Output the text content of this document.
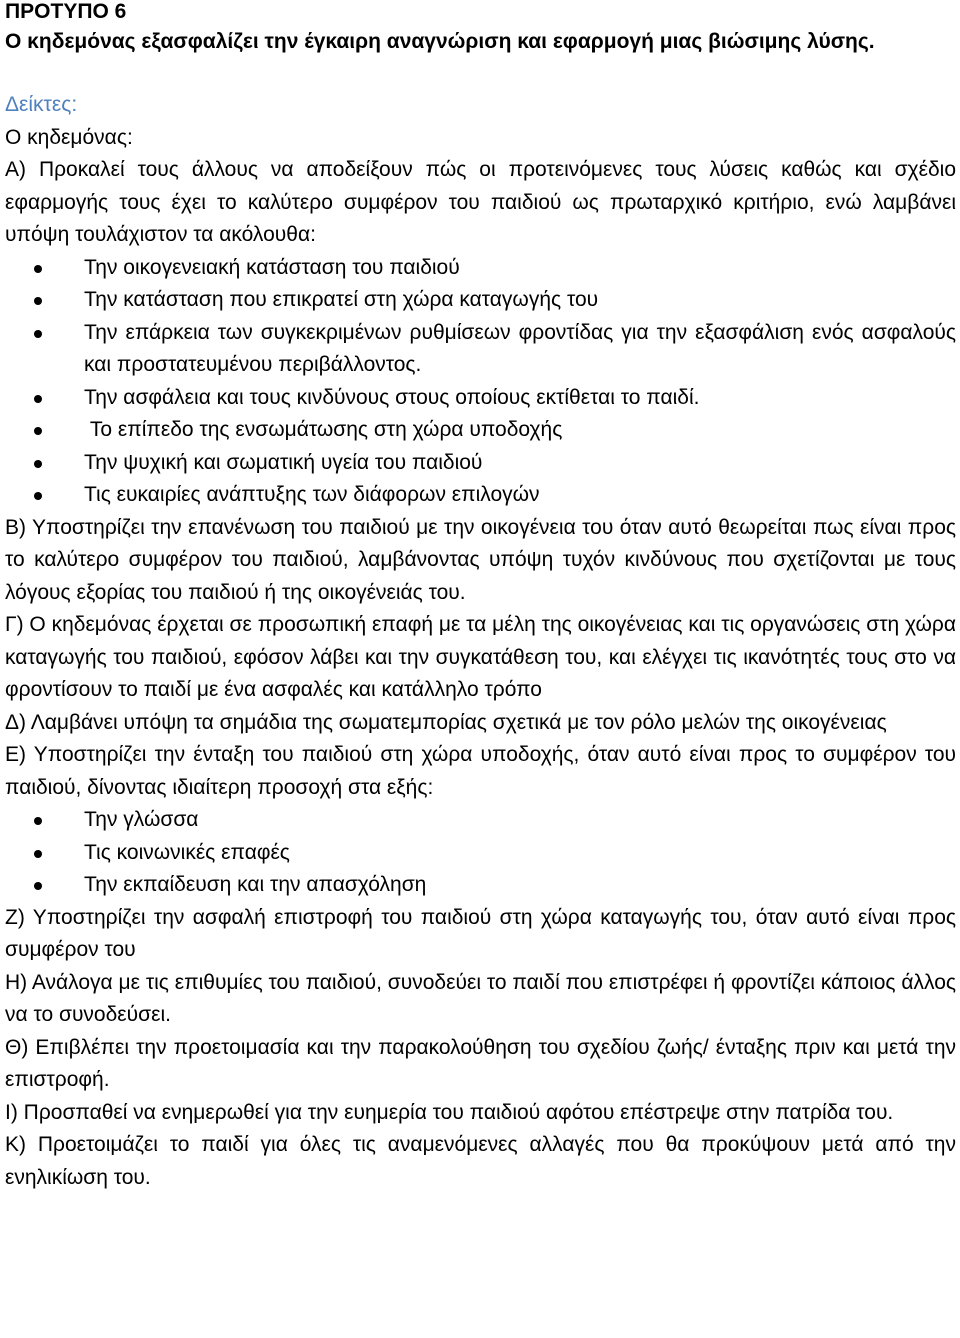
ΠΡΟΤΥΠΟ 6
Ο κηδεμόνας εξασφαλίζει την έγκαιρη αναγνώριση και εφαρμογή μιας βιώσιμης λύσης.
Δείκτες:
Ο κηδεμόνας:
Α) Προκαλεί τους άλλους να αποδείξουν πώς οι προτεινόμενες τους λύσεις καθώς και σχέδιο εφαρμογής τους έχει το καλύτερο συμφέρον του παιδιού ως πρωταρχικό κριτήριο, ενώ λαμβάνει υπόψη τουλάχιστον τα ακόλουθα:
Την οικογενειακή κατάσταση του παιδιού
Την κατάσταση που επικρατεί στη χώρα καταγωγής του
Την επάρκεια των συγκεκριμένων ρυθμίσεων φροντίδας για την εξασφάλιση ενός ασφαλούς και προστατευμένου περιβάλλοντος.
Την ασφάλεια και τους κινδύνους στους οποίους εκτίθεται το παιδί.
Το επίπεδο της ενσωμάτωσης στη χώρα υποδοχής
Την ψυχική και σωματική υγεία του παιδιού
Τις ευκαιρίες ανάπτυξης των διάφορων επιλογών
Β) Υποστηρίζει την επανένωση του παιδιού με την οικογένεια του όταν αυτό θεωρείται πως είναι προς το καλύτερο συμφέρον του παιδιού, λαμβάνοντας υπόψη τυχόν κινδύνους που σχετίζονται με τους λόγους εξορίας του παιδιού ή της οικογένειάς του.
Γ) Ο κηδεμόνας έρχεται σε προσωπική επαφή με τα μέλη της οικογένειας και τις οργανώσεις στη χώρα καταγωγής του παιδιού, εφόσον λάβει και την συγκατάθεση του, και ελέγχει τις ικανότητές τους στο να φροντίσουν το παιδί με ένα ασφαλές και κατάλληλο τρόπο
Δ) Λαμβάνει υπόψη τα σημάδια της σωματεμπορίας σχετικά με τον ρόλο μελών της οικογένειας
Ε) Υποστηρίζει την ένταξη του παιδιού στη χώρα υποδοχής, όταν αυτό είναι προς το συμφέρον του παιδιού, δίνοντας ιδιαίτερη προσοχή στα εξής:
Την γλώσσα
Τις κοινωνικές επαφές
Την εκπαίδευση και την απασχόληση
Ζ) Υποστηρίζει την ασφαλή επιστροφή του παιδιού στη χώρα καταγωγής του, όταν αυτό είναι προς συμφέρον του
Η) Ανάλογα με τις επιθυμίες του παιδιού, συνοδεύει το παιδί που επιστρέφει ή φροντίζει κάποιος άλλος να το συνοδεύσει.
Θ) Επιβλέπει την προετοιμασία και την παρακολούθηση του σχεδίου ζωής/ ένταξης πριν και μετά την επιστροφή.
Ι) Προσπαθεί να ενημερωθεί για την ευημερία του παιδιού αφότου επέστρεψε στην πατρίδα του.
Κ) Προετοιμάζει το παιδί για όλες τις αναμενόμενες αλλαγές που θα προκύψουν μετά από την ενηλικίωση του.
